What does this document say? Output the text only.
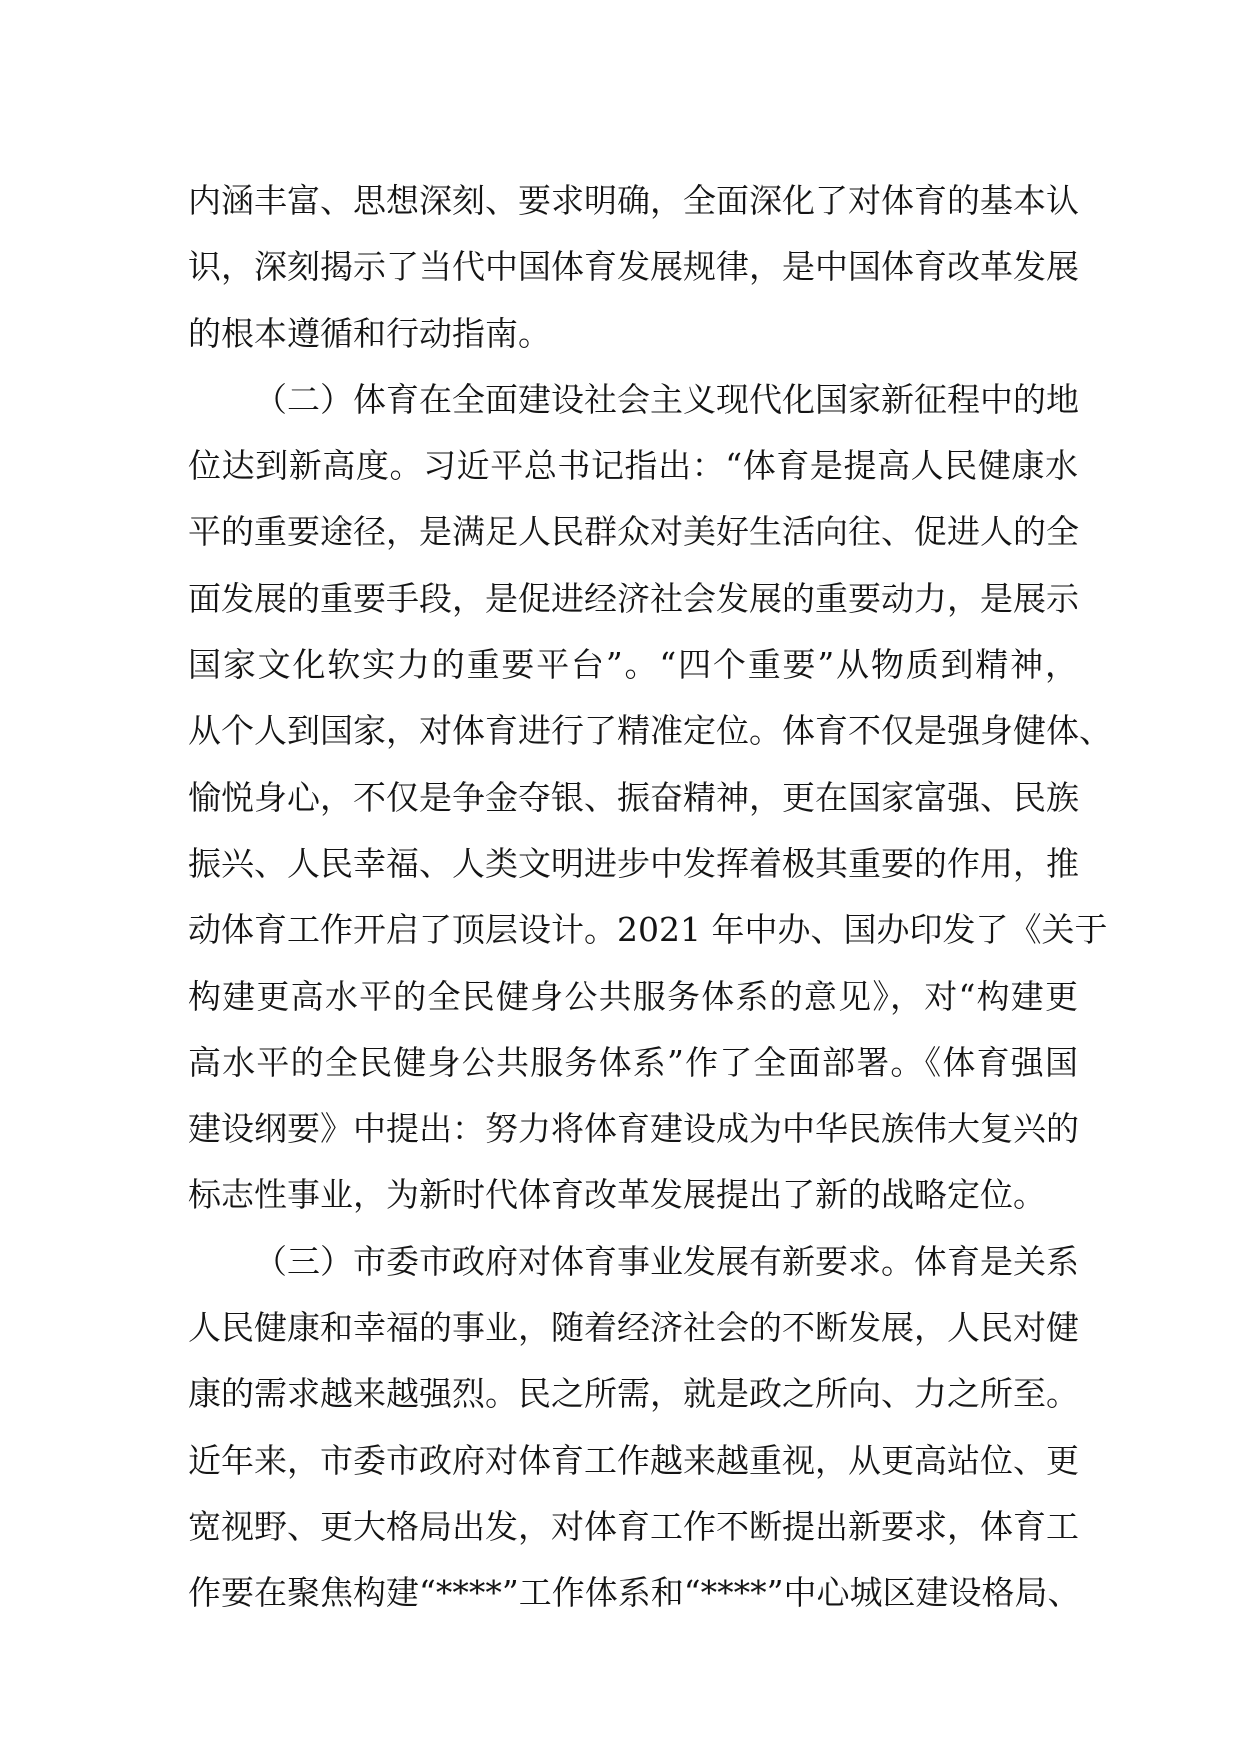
内涵丰富、思想深刻、要求明确，全面深化了对体育的基本认
识，深刻揭示了当代中国体育发展规律，是中国体育改革发展
的根本遵循和行动指南。
（二）体育在全面建设社会主义现代化国家新征程中的地
位达到新高度。习近平总书记指出：“体育是提高人民健康水
平的重要途径，是满足人民群众对美好生活向往、促进人的全
面发展的重要手段，是促进经济社会发展的重要动力，是展示
国家文化软实力的重要平台”。“四个重要”从物质到精神，
从个人到国家，对体育进行了精准定位。体育不仅是强身健体、
愉悦身心，不仅是争金夺银、振奋精神，更在国家富强、民族
振兴、人民幸福、人类文明进步中发挥着极其重要的作用，推
动体育工作开启了顶层设计。2021 年中办、国办印发了《关于
构建更高水平的全民健身公共服务体系的意见》，对“构建更
高水平的全民健身公共服务体系”作了全面部署。《体育强国
建设纲要》中提出：努力将体育建设成为中华民族伟大复兴的
标志性事业，为新时代体育改革发展提出了新的战略定位。
（三）市委市政府对体育事业发展有新要求。体育是关系
人民健康和幸福的事业，随着经济社会的不断发展，人民对健
康的需求越来越强烈。民之所需，就是政之所向、力之所至。
近年来，市委市政府对体育工作越来越重视，从更高站位、更
宽视野、更大格局出发，对体育工作不断提出新要求，体育工
作要在聚焦构建“****”工作体系和“****”中心城区建设格局、
